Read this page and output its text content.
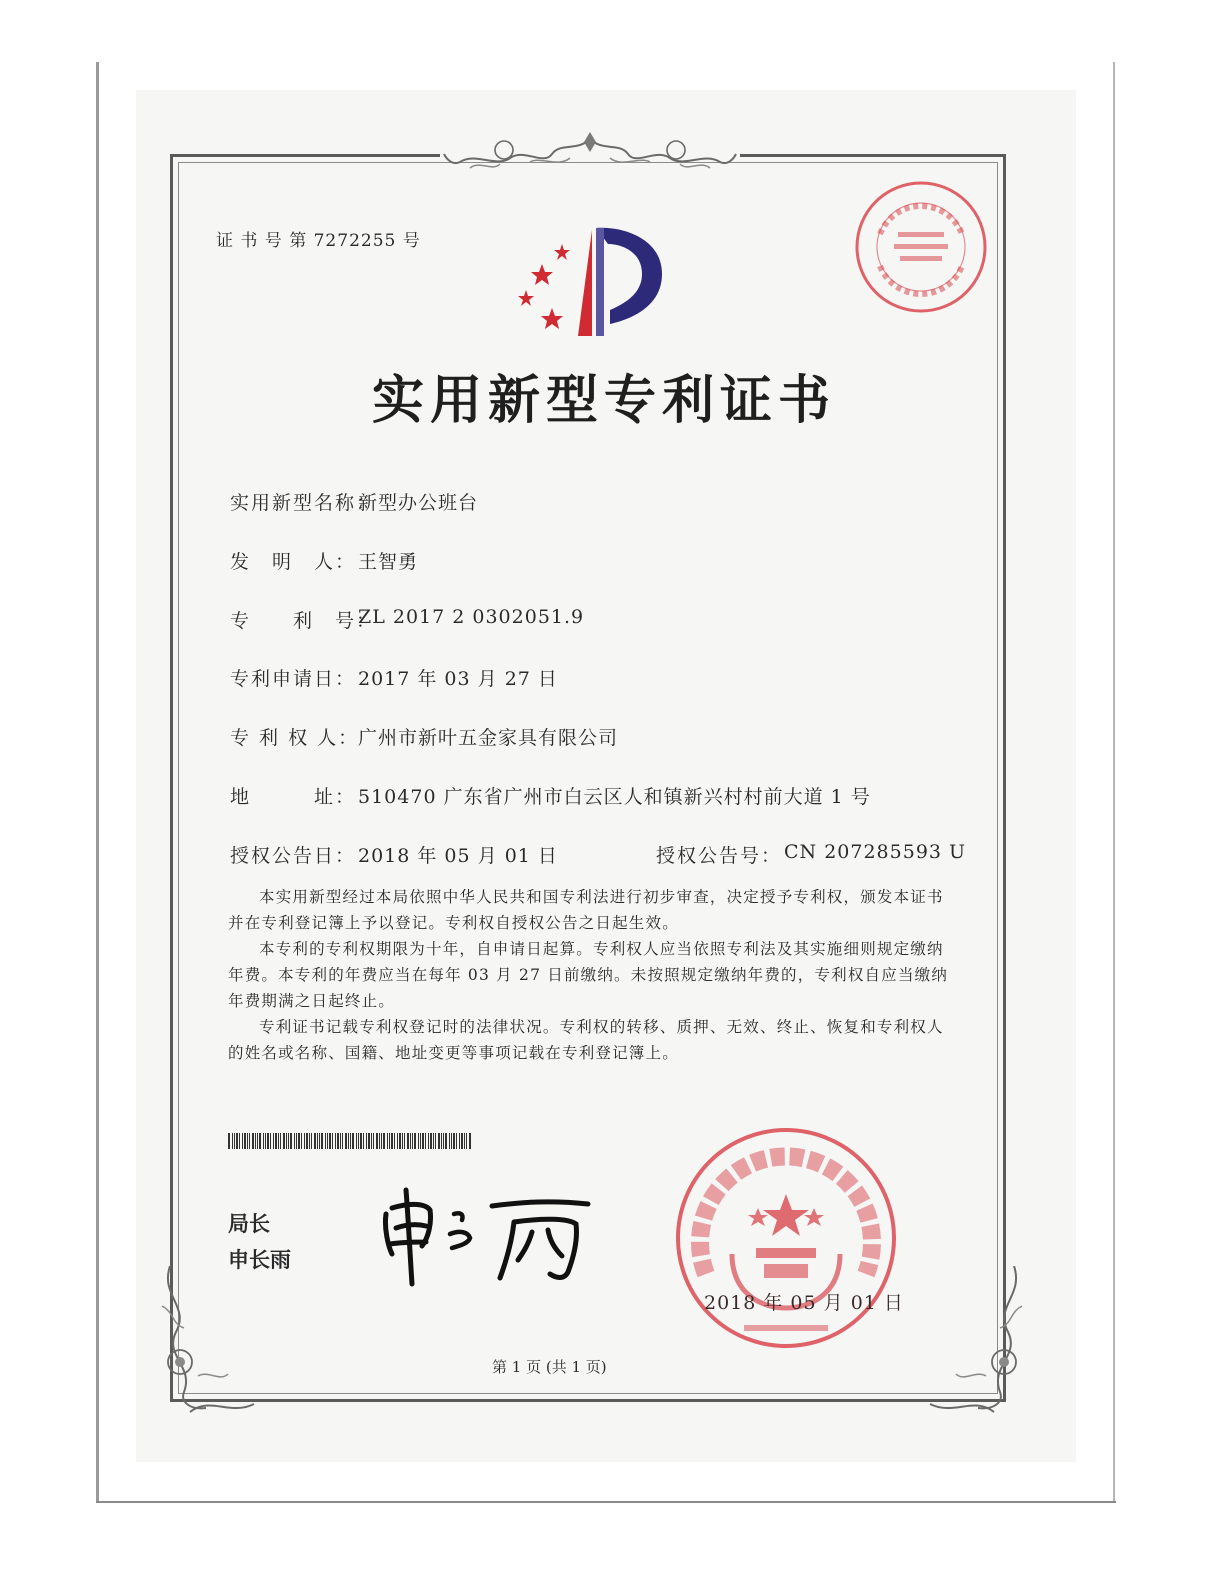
证 书 号 第 7272255 号
实用新型专利证书
实用新型名称：
新型办公班台
发　明　人： 王智勇
专　　利　号：
ZL 2017 2 0302051.9
专利申请日： 2017 年 03 月 27 日
专 利 权 人：
广州市新叶五金家具有限公司
地　　　址： 510470 广东省广州市白云区人和镇新兴村村前大道 1 号
授权公告日： 2018 年 05 月 01 日	授权公告号： CN 207285593 U

本实用新型经过本局依照中华人民共和国专利法进行初步审查，决定授予专利权，颁发本证书并在专利登记簿上予以登记。专利权自授权公告之日起生效。

本专利的专利权期限为十年，自申请日起算。专利权人应当依照专利法及其实施细则规定缴纳年费。本专利的年费应当在每年 03 月 27 日前缴纳。未按照规定缴纳年费的，专利权自应当缴纳年费期满之日起终止。

专利证书记载专利权登记时的法律状况。专利权的转移、质押、无效、终止、恢复和专利权人的姓名或名称、国籍、地址变更等事项记载在专利登记簿上。

局长
申长雨
2018 年 05 月 01 日
第 1 页 (共 1 页)
